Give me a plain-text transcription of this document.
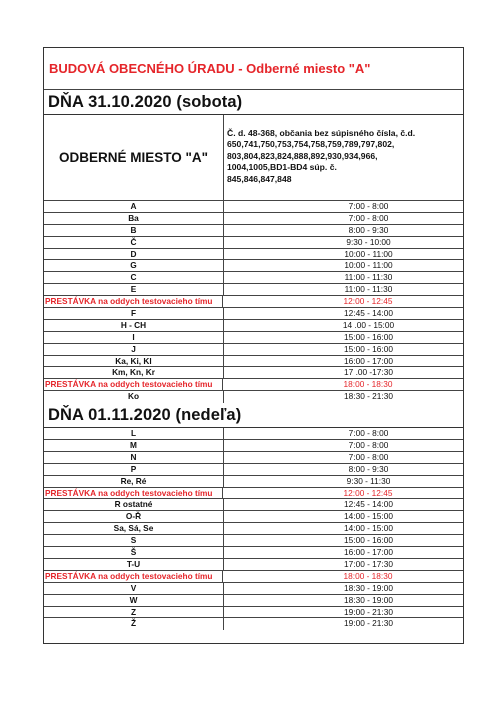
BUDOVÁ OBECNÉHO ÚRADU - Odberné miesto "A"
DŇA 31.10.2020 (sobota)
ODBERNÉ MIESTO "A"
Č. d. 48-368, občania bez súpisného čísla, č.d.
650,741,750,753,754,758,759,789,797,802,
803,804,823,824,888,892,930,934,966,
1004,1005,BD1-BD4 súp. č.
845,846,847,848
A	7:00 - 8:00
Ba	7:00 - 8:00
B	8:00 - 9:30
Č	9:30 - 10:00
D	10:00 - 11:00
G	10:00 - 11:00
C	11:00 - 11:30
E	11:00 - 11:30
PRESTÁVKA na oddych testovacieho tímu	12:00 - 12:45
F	12:45 - 14:00
H - CH	14 .00 - 15:00
I	15:00 - 16:00
J	15:00 - 16:00
Ka, Ki, Kl	16:00 - 17:00
Km, Kn, Kr	17 .00 -17:30
PRESTÁVKA na oddych testovacieho tímu	18:00 - 18:30
Ko	18:30 - 21:30
DŇA 01.11.2020 (nedeľa)
L	7:00 - 8:00
M	7:00 - 8:00
N	7:00 - 8:00
P	8:00 - 9:30
Re, Ré	9:30 - 11:30
PRESTÁVKA na oddych testovacieho tímu	12:00 - 12:45
R ostatné	12:45 - 14:00
O-Ř	14:00 - 15:00
Sa, Sá, Se	14:00 - 15:00
S	15:00 - 16:00
Š	16:00 - 17:00
T-U	17:00 - 17:30
PRESTÁVKA na oddych testovacieho tímu	18:00 - 18:30
V	18:30 - 19:00
W	18:30 - 19:00
Z	19:00 - 21:30
Ž	19:00 - 21:30
